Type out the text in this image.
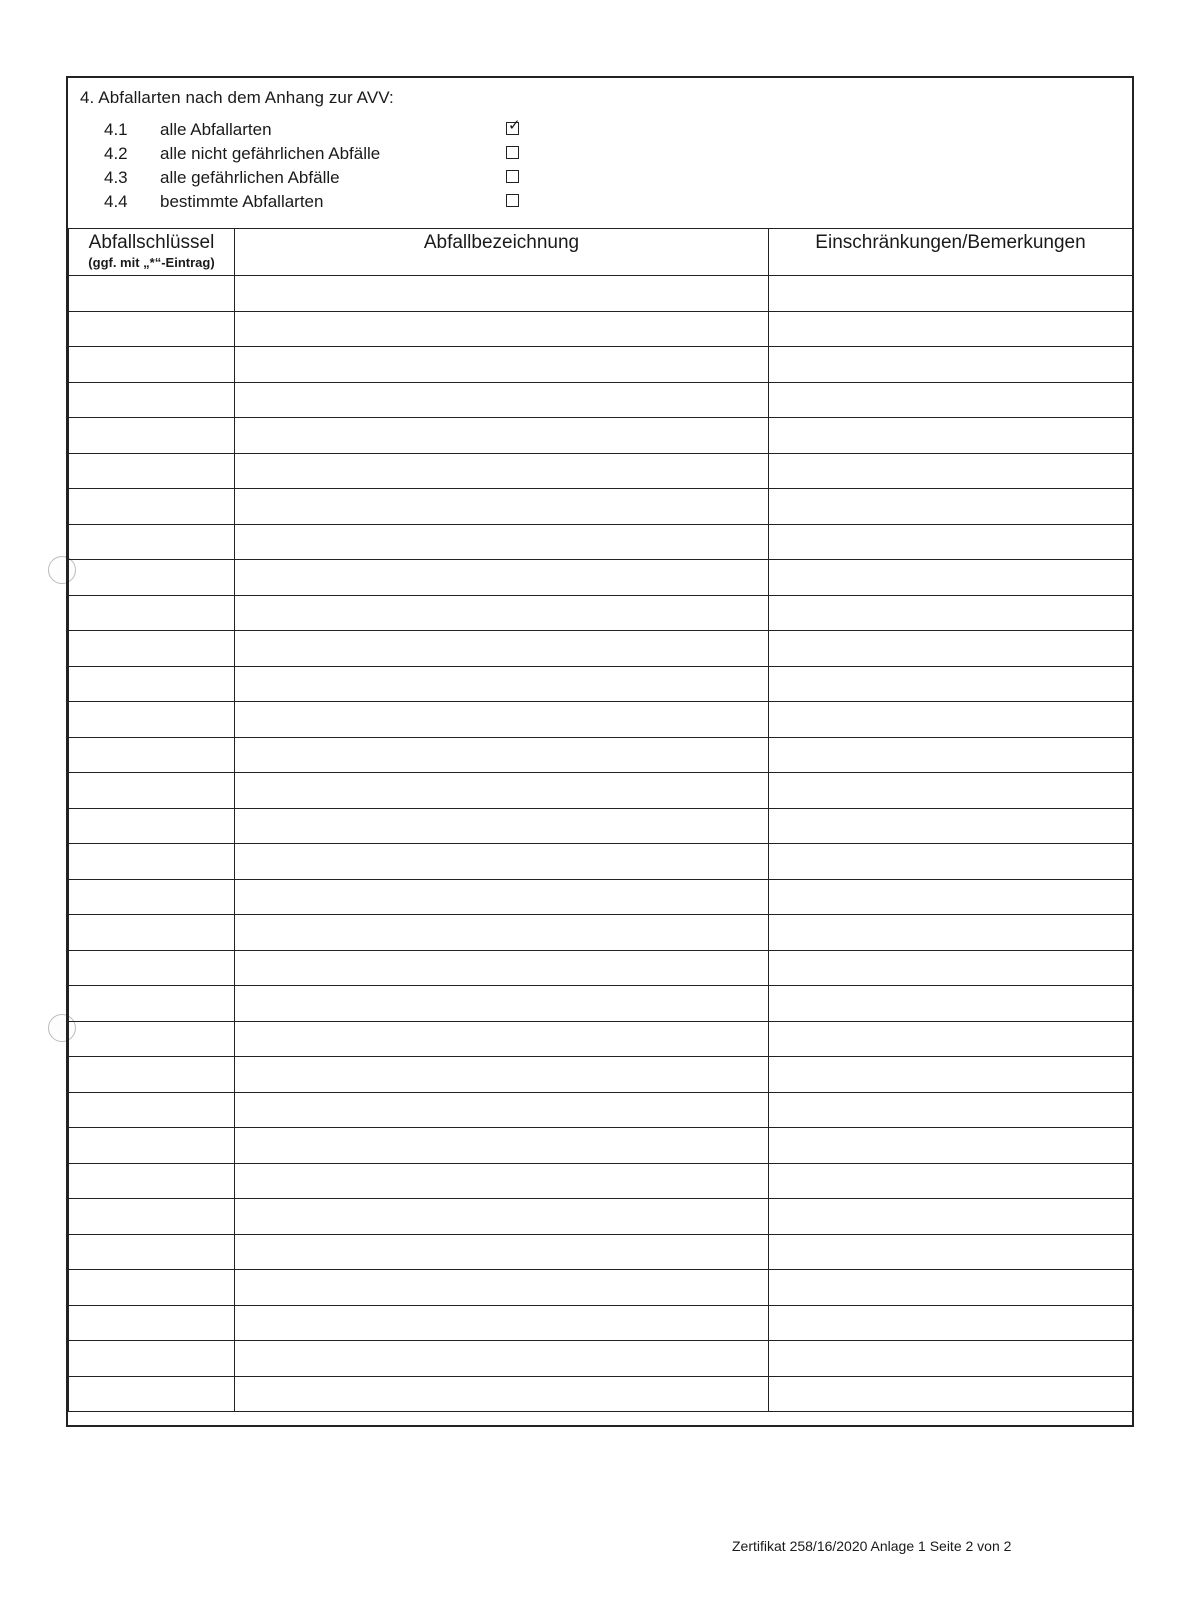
4. Abfallarten nach dem Anhang zur AVV:
4.1 alle Abfallarten	✓
4.2 alle nicht gefährlichen Abfälle
4.3 alle gefährlichen Abfälle
4.4 bestimmte Abfallarten
Abfallschlüssel
(ggf. mit „*“-Eintrag)	Abfallbezeichnung	Einschränkungen/Bemerkungen

Zertifikat 258/16/2020 Anlage 1 Seite 2 von 2
